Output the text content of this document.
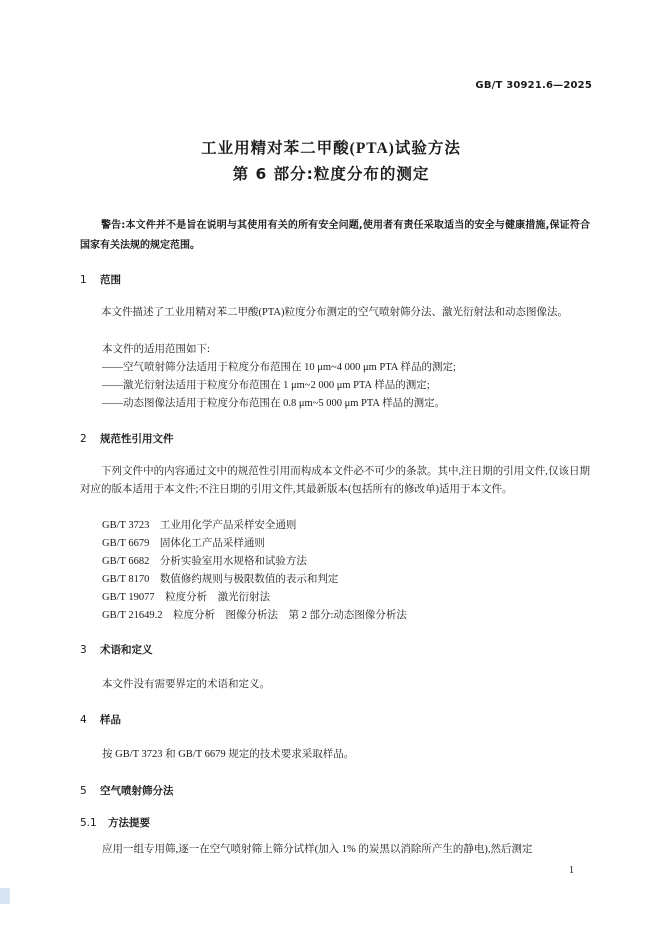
GB/T 30921.6—2025
工业用精对苯二甲酸(PTA)试验方法
第 6 部分:粒度分布的测定
警告:本文件并不是旨在说明与其使用有关的所有安全问题,使用者有责任采取适当的安全与健康措施,保证符合国家有关法规的规定范围。
1 范围
本文件描述了工业用精对苯二甲酸(PTA)粒度分布测定的空气喷射筛分法、激光衍射法和动态图像法。
本文件的适用范围如下:
——空气喷射筛分法适用于粒度分布范围在 10 μm~4 000 μm PTA 样品的测定;
——激光衍射法适用于粒度分布范围在 1 μm~2 000 μm PTA 样品的测定;
——动态图像法适用于粒度分布范围在 0.8 μm~5 000 μm PTA 样品的测定。
2 规范性引用文件
下列文件中的内容通过文中的规范性引用而构成本文件必不可少的条款。其中,注日期的引用文件,仅该日期对应的版本适用于本文件;不注日期的引用文件,其最新版本(包括所有的修改单)适用于本文件。
GB/T 3723　工业用化学产品采样安全通则
GB/T 6679　固体化工产品采样通则
GB/T 6682　分析实验室用水规格和试验方法
GB/T 8170　数值修约规则与极限数值的表示和判定
GB/T 19077　粒度分析　激光衍射法
GB/T 21649.2　粒度分析　图像分析法　第 2 部分:动态图像分析法
3 术语和定义
本文件没有需要界定的术语和定义。
4 样品
按 GB/T 3723 和 GB/T 6679 规定的技术要求采取样品。
5 空气喷射筛分法
5.1 方法提要
应用一组专用筛,逐一在空气喷射筛上筛分试样(加入 1% 的炭黑以消除所产生的静电),然后测定
1
